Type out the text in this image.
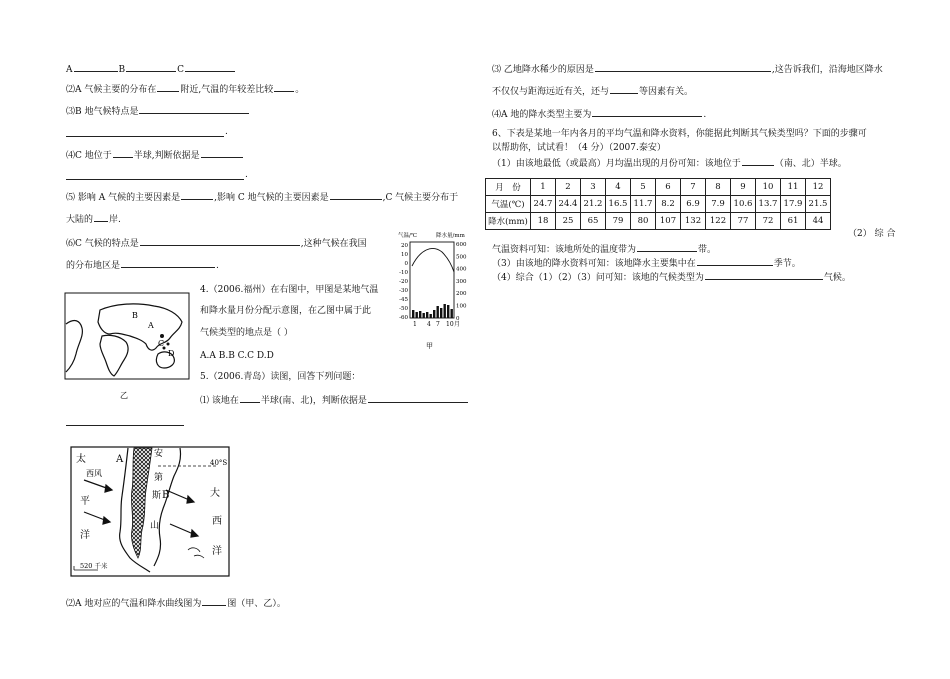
A	B	C
⑵A 气候主要的分布在	附近,气温的年较差比较 。
⑶B 地气候特点是
.
⑷C 地位于 半球,判断依据是
.
⑸ 影响 A 气候的主要因素是	,影响 C 地气候的主要因素是	,C 气候主要分布于
大陆的 岸.
⑹C 气候的特点是	,这种气候在我国
的分布地区是	.
B
A
C
D
乙
4.（2006.福州）在右图中，甲图是某地气温
和降水量月份分配示意图，在乙图中属于此
气候类型的地点是（ ）
A.A B.B C.C D.D
5.（2006.青岛）读图，回答下列问题：
气温/℃	降水量/mm
20
10
0
-10
-20
-30
-45
-50
-60
600
500
400
300
200
100
0
1 4 7 10 月
甲
⑴ 该地在 半球(南、北)，判断依据是
40°S
太
西风
平
洋
A	安
第
斯 B
山
大
西
洋
520 千米
⑵A 地对应的气温和降水曲线图为	图（甲、乙）。
⑶ 乙地降水稀少的原因是	,这告诉我们，沿海地区降水
不仅仅与距海远近有关，还与	等因素有关。
⑷A 地的降水类型主要为	.
6、下表是某地一年内各月的平均气温和降水资料，你能据此判断其气候类型吗？下面的步骤可
以帮助你，试试看！（4 分）（2007.泰安）
（1）由该地最低（或最高）月均温出现的月份可知：该地位于	（南、北）半球。
月　份	1	2	3	4	5	6	7	8	9	10	11	12
气温(℃)	24.7	24.4	21.2	16.5	11.7	8.2	6.9	7.9	10.6	13.7	17.9	21.5
降水(mm)	18	25	65	79	80	107	132	122	77	72	61	44
（2） 综 合
气温资料可知：该地所处的温度带为	带。
（3）由该地的降水资料可知：该地降水主要集中在	季节。
（4）综合（1）（2）（3）问可知：该地的气候类型为	气候。
